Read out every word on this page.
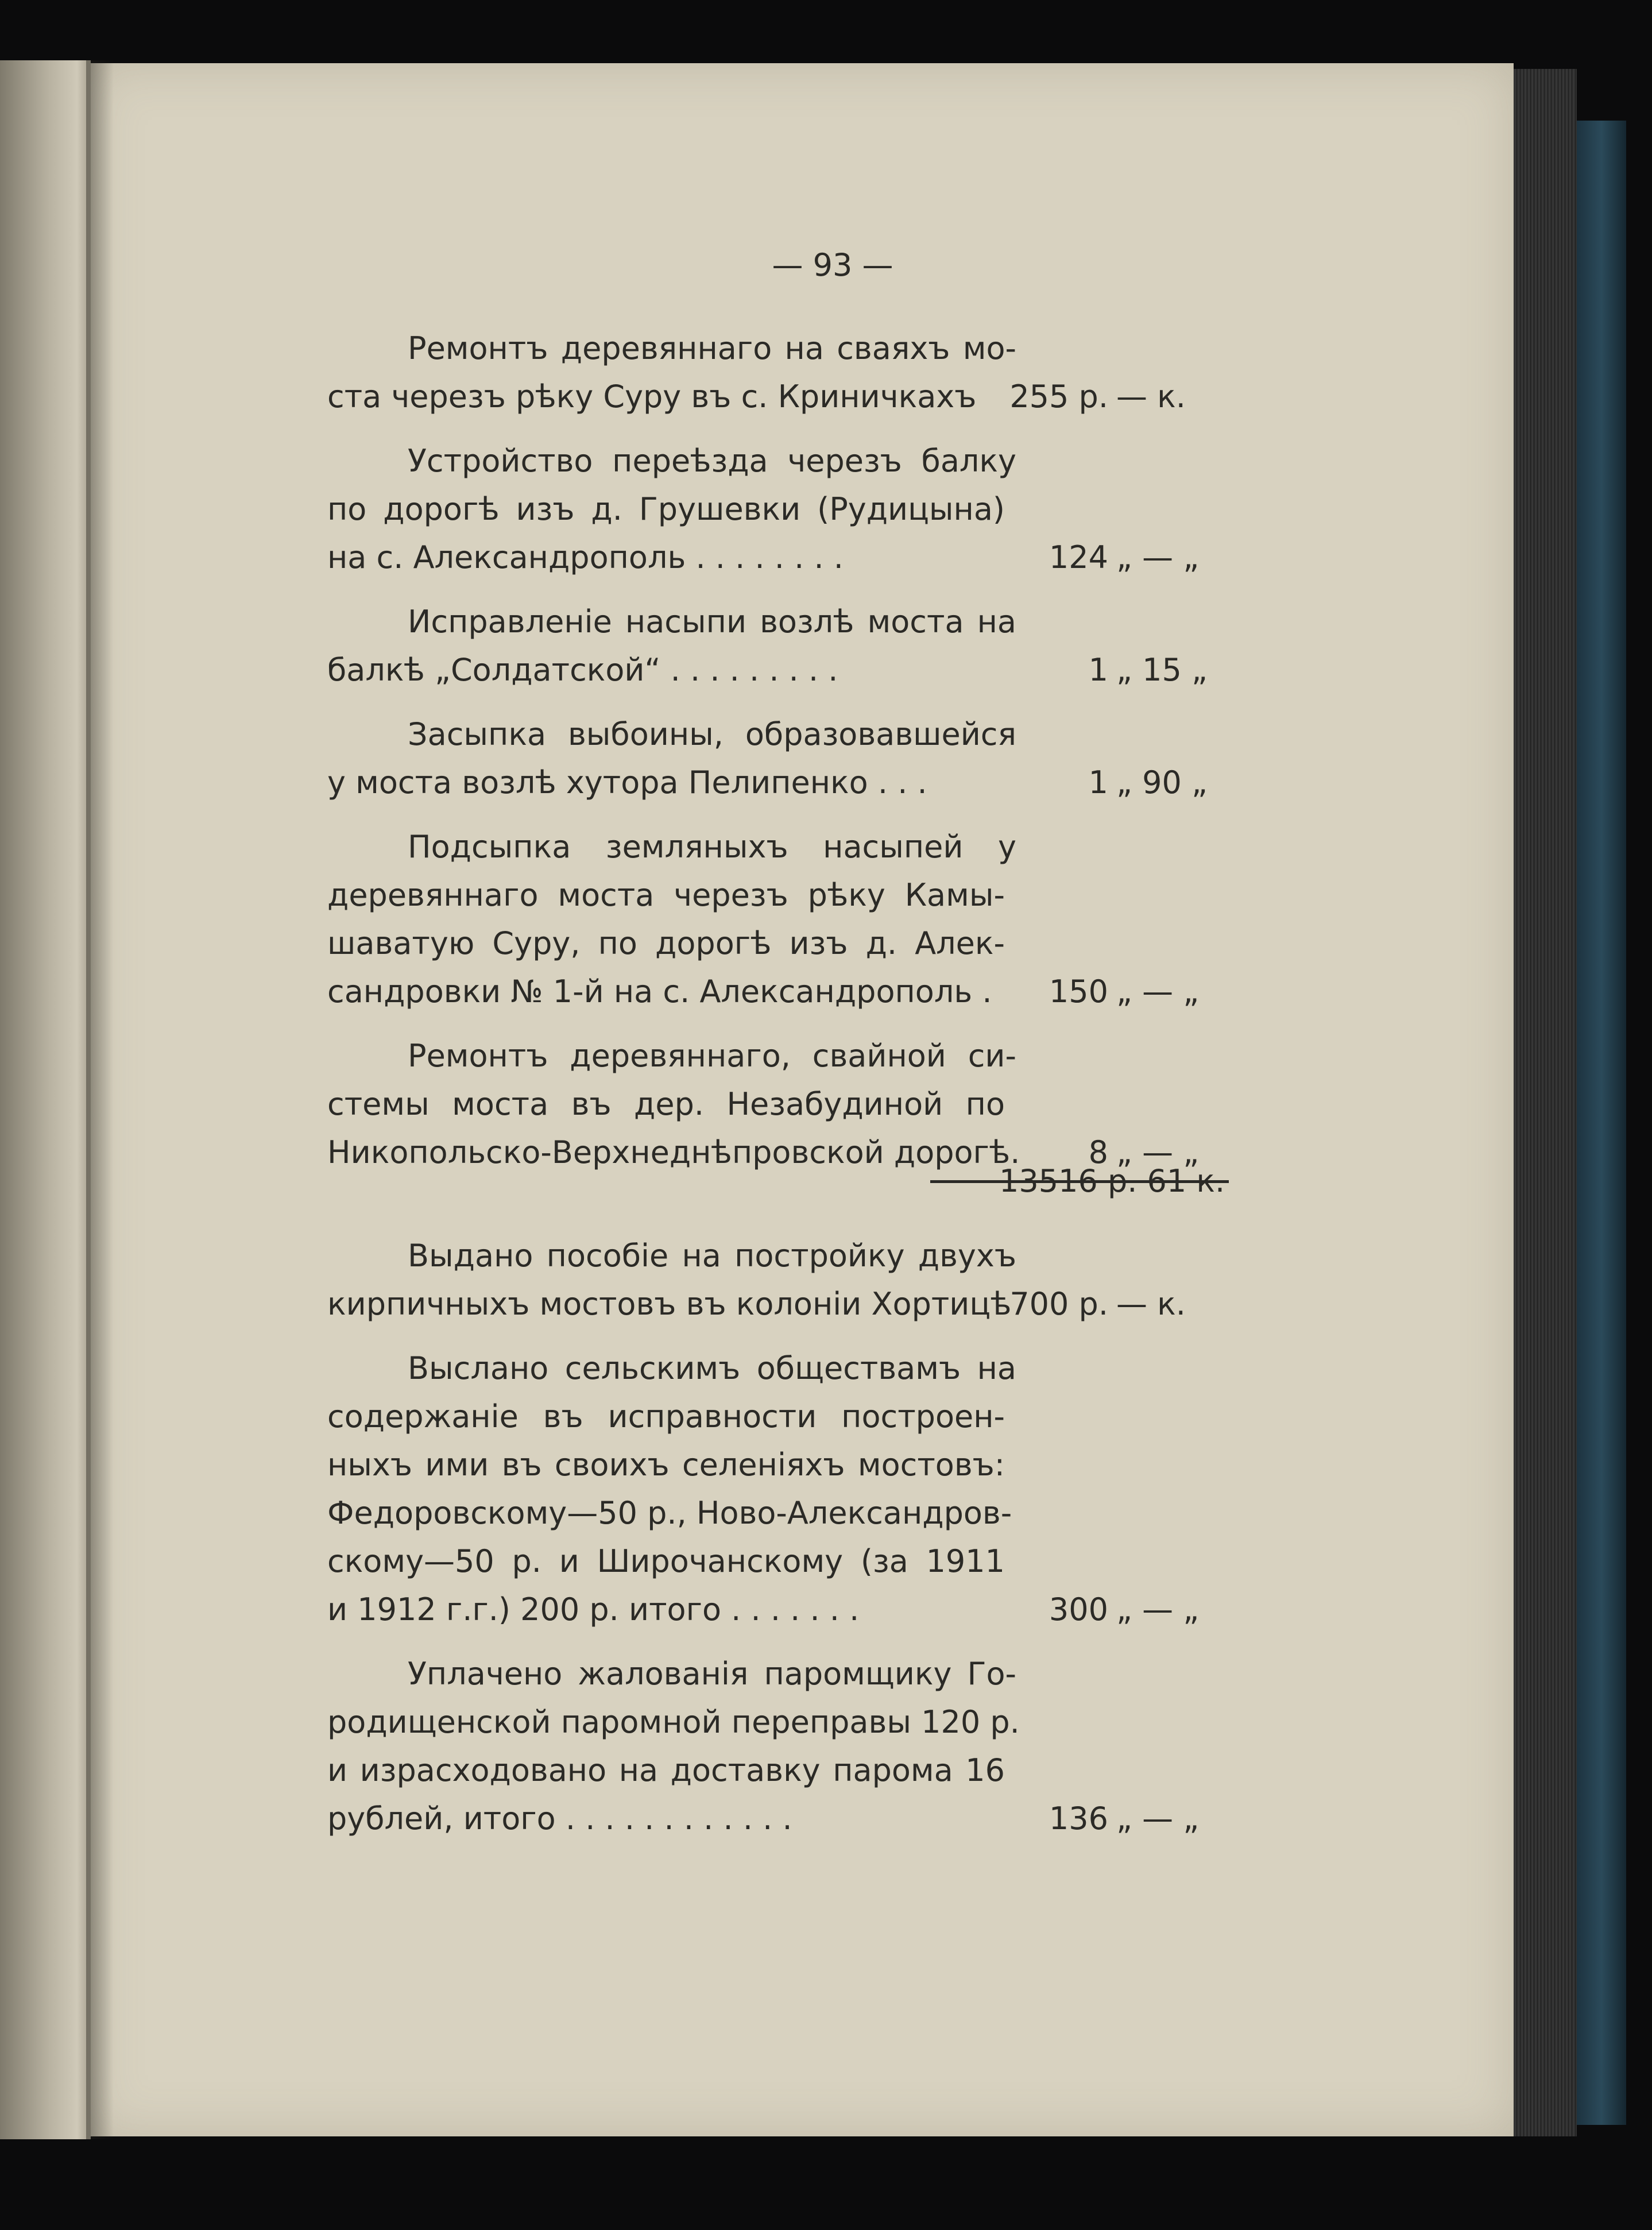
— 93 —
Ремонтъ деревяннаго на сваяхъ мо-
ста черезъ рѣку Суру въ с. Криничкахъ	255 р. — к.
Устройство переѣзда черезъ балку
по дорогѣ изъ д. Грушевки (Рудицына)
на с. Александрополь . . . . . . . .	124 „ — „
Исправленіе насыпи возлѣ моста на
балкѣ „Солдатской“ . . . . . . . . .	1 „ 15 „
Засыпка выбоины, образовавшейся
у моста возлѣ хутора Пелипенко . . .	1 „ 90 „
Подсыпка земляныхъ насыпей у
деревяннаго моста черезъ рѣку Камы-
шаватую Суру, по дорогѣ изъ д. Алек-
сандровки № 1-й на с. Александрополь .	150 „ — „
Ремонтъ деревяннаго, свайной си-
стемы моста въ дер. Незабудиной по
Никопольско-Верхнеднѣпровской дорогѣ.	8 „ — „
Выдано пособіе на постройку двухъ
кирпичныхъ мостовъ въ колоніи Хортицѣ
700 р. — к.
Выслано сельскимъ обществамъ на
содержаніе въ исправности построен-
ныхъ ими въ своихъ селеніяхъ мостовъ:
Федоровскому—50 р., Ново-Александров-
скому—50 р. и Широчанскому (за 1911
и 1912 г.г.) 200 р. итого . . . . . . .	300 „ — „
Уплачено жалованія паромщику Го-
родищенской паромной переправы 120 р.
и израсходовано на доставку парома 16
рублей, итого . . . . . . . . . . . .	136 „ — „
13516 р. 61 к.
